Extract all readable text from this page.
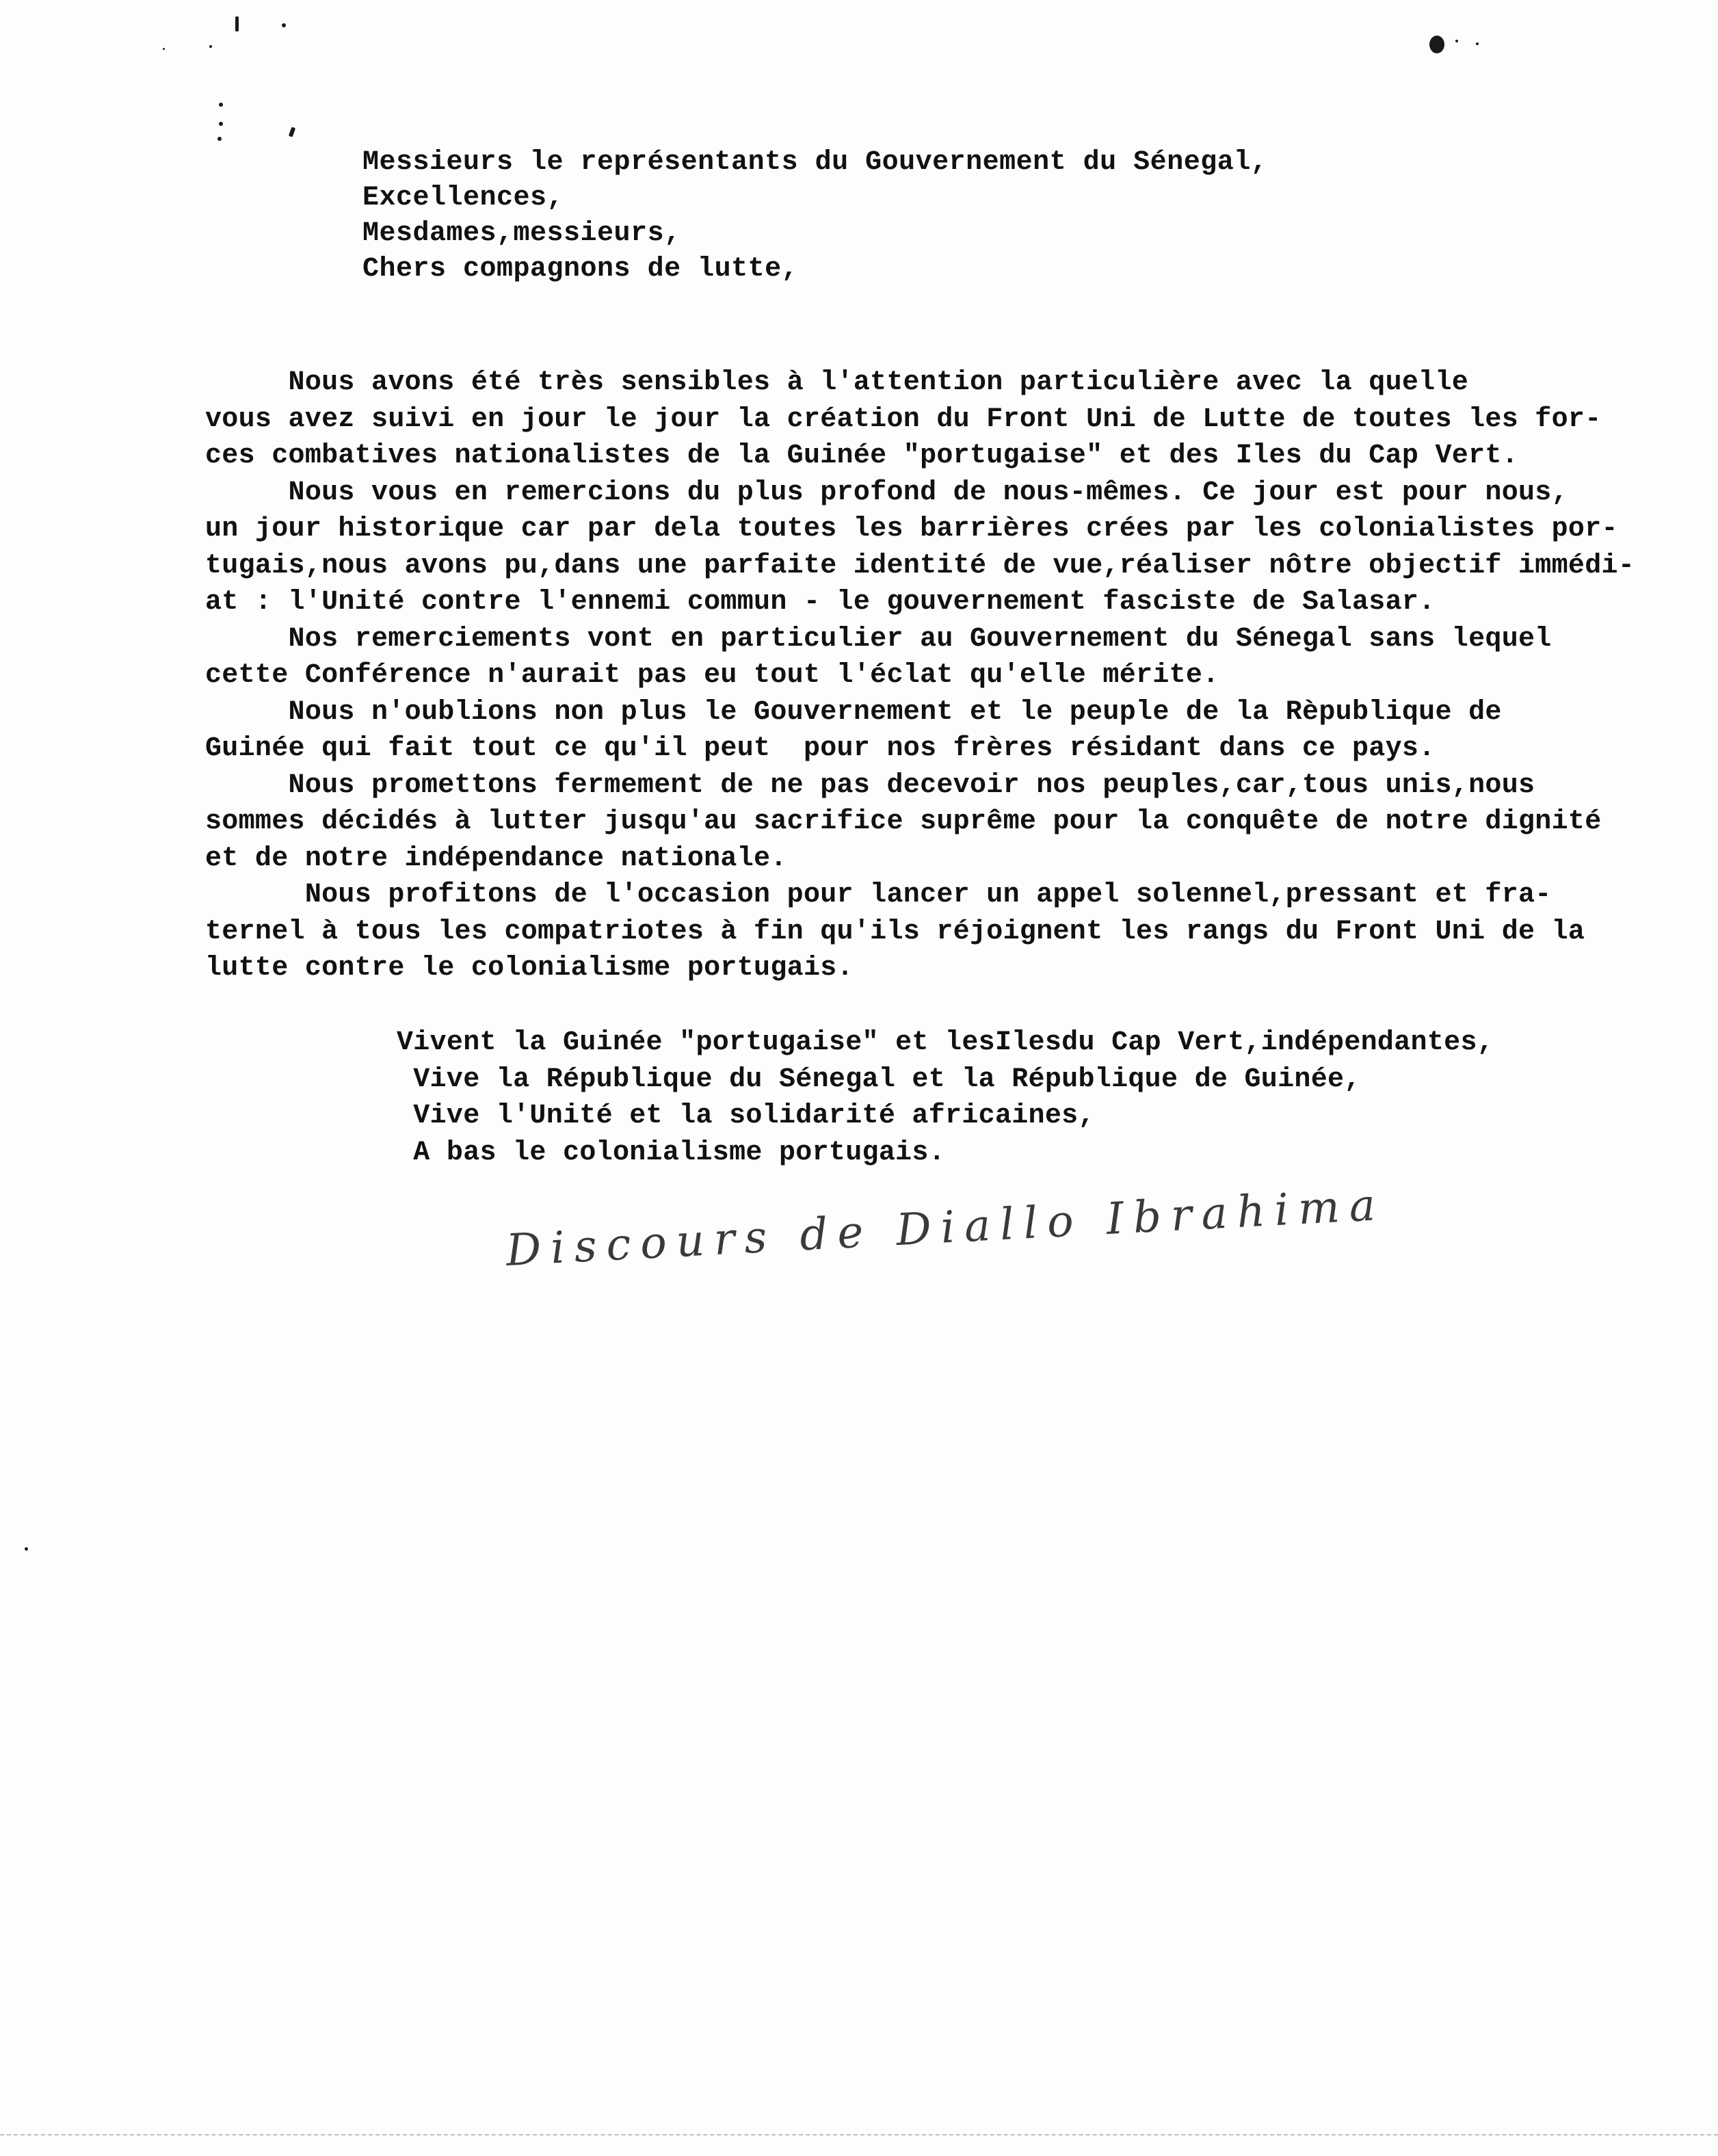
Messieurs le représentants du Gouvernement du Sénegal,
Excellences,
Mesdames,messieurs,
Chers compagnons de lutte,
Nous avons été très sensibles à l'attention particulière avec la quelle
vous avez suivi en jour le jour la création du Front Uni de Lutte de toutes les for-
ces combatives nationalistes de la Guinée "portugaise" et des Iles du Cap Vert.
Nous vous en remercions du plus profond de nous-mêmes. Ce jour est pour nous,
un jour historique car par dela toutes les barrières crées par les colonialistes por-
tugais,nous avons pu,dans une parfaite identité de vue,réaliser nôtre objectif immédi-
at : l'Unité contre l'ennemi commun - le gouvernement fasciste de Salasar.
Nos remerciements vont en particulier au Gouvernement du Sénegal sans lequel
cette Conférence n'aurait pas eu tout l'éclat qu'elle mérite.
Nous n'oublions non plus le Gouvernement et le peuple de la Rèpublique de
Guinée qui fait tout ce qu'il peut  pour nos frères résidant dans ce pays.
Nous promettons fermement de ne pas decevoir nos peuples,car,tous unis,nous
sommes décidés à lutter jusqu'au sacrifice suprême pour la conquête de notre dignité
et de notre indépendance nationale.
Nous profitons de l'occasion pour lancer un appel solennel,pressant et fra-
ternel à tous les compatriotes à fin qu'ils réjoignent les rangs du Front Uni de la
lutte contre le colonialisme portugais.
Vivent la Guinée "portugaise" et lesIlesdu Cap Vert,indépendantes,
Vive la République du Sénegal et la République de Guinée,
Vive l'Unité et la solidarité africaines,
A bas le colonialisme portugais.
Discours de Diallo Ibrahima
